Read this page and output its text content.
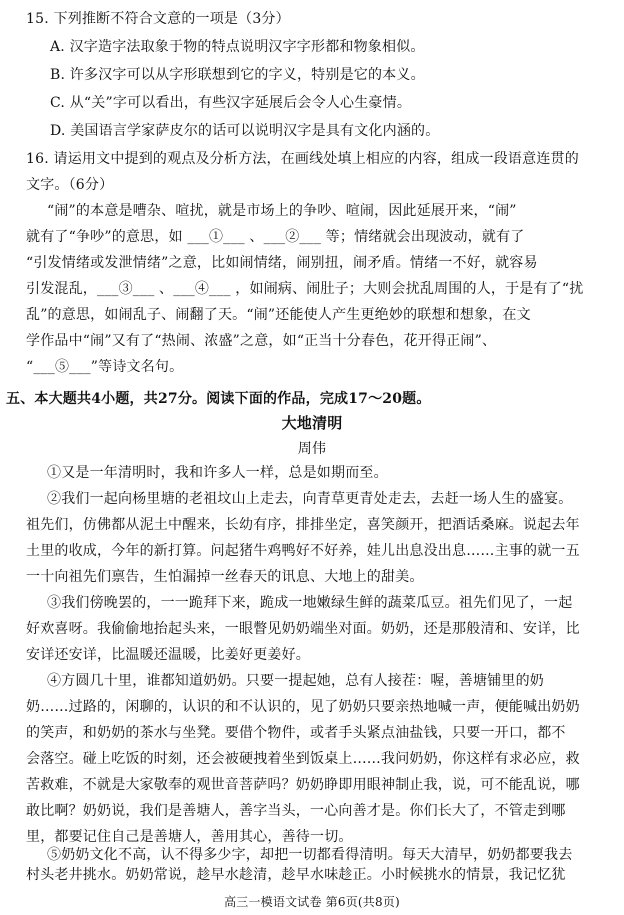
15. 下列推断不符合文意的一项是（3分）

A. 汉字造字法取象于物的特点说明汉字字形都和物象相似。

B. 许多汉字可以从字形联想到它的字义，特别是它的本义。

C. 从“关”字可以看出，有些汉字延展后会令人心生豪情。

D. 美国语言学家萨皮尔的话可以说明汉字是具有文化内涵的。

16. 请运用文中提到的观点及分析方法，在画线处填上相应的内容，组成一段语意连贯的

文字。（6分）

“闹”的本意是嘈杂、喧扰，就是市场上的争吵、喧闹，因此延展开来，“闹”

就有了“争吵”的意思，如 ___①___ 、___②___ 等；情绪就会出现波动，就有了

“引发情绪或发泄情绪”之意，比如闹情绪，闹别扭，闹矛盾。情绪一不好，就容易

引发混乱，___③___ 、___④___ ，如闹病、闹肚子；大则会扰乱周围的人，于是有了“扰

乱”的意思，如闹乱子、闹翻了天。“闹”还能使人产生更绝妙的联想和想象，在文

学作品中“闹”又有了“热闹、浓盛”之意，如“正当十分春色，花开得正闹”、

“___⑤___”等诗文名句。

五、本大题共4小题，共27分。阅读下面的作品，完成17～20题。

大地清明

周伟

①又是一年清明时，我和许多人一样，总是如期而至。

②我们一起向杨里塘的老祖坟山上走去，向青草更青处走去，去赶一场人生的盛宴。

祖先们，仿佛都从泥土中醒来，长幼有序，排排坐定，喜笑颜开，把酒话桑麻。说起去年

土里的收成，今年的新打算。问起猪牛鸡鸭好不好养，娃儿出息没出息……主事的就一五

一十向祖先们禀告，生怕漏掉一丝春天的讯息、大地上的甜美。

③我们傍晚罢的，一一跪拜下来，跪成一地嫩绿生鲜的蔬菜瓜豆。祖先们见了，一起

好欢喜呀。我偷偷地抬起头来，一眼瞥见奶奶端坐对面。奶奶，还是那般清和、安详，比

安详还安详，比温暖还温暖，比姜好更姜好。

④方圆几十里，谁都知道奶奶。只要一提起她，总有人接茬：喔，善塘铺里的奶

奶……过路的，闲聊的，认识的和不认识的，见了奶奶只要亲热地喊一声，便能喊出奶奶

的笑声，和奶奶的茶水与坐凳。要借个物件，或者手头紧点油盐钱，只要一开口，都不

会落空。碰上吃饭的时刻，还会被硬拽着坐到饭桌上……我问奶奶，你这样有求必应，救

苦救难，不就是大家敬奉的观世音菩萨吗？奶奶睁即用眼神制止我，说，可不能乱说，哪

敢比啊？奶奶说，我们是善塘人，善字当头，一心向善才是。你们长大了，不管走到哪

里，都要记住自己是善塘人，善用其心，善待一切。

⑤奶奶文化不高，认不得多少字，却把一切都看得清明。每天大清早，奶奶都要我去

村头老井挑水。奶奶常说，趁早水趁清，趁早水味趁正。小时候挑水的情景，我记忆犹

高三一模语文试卷 第6页(共8页)
